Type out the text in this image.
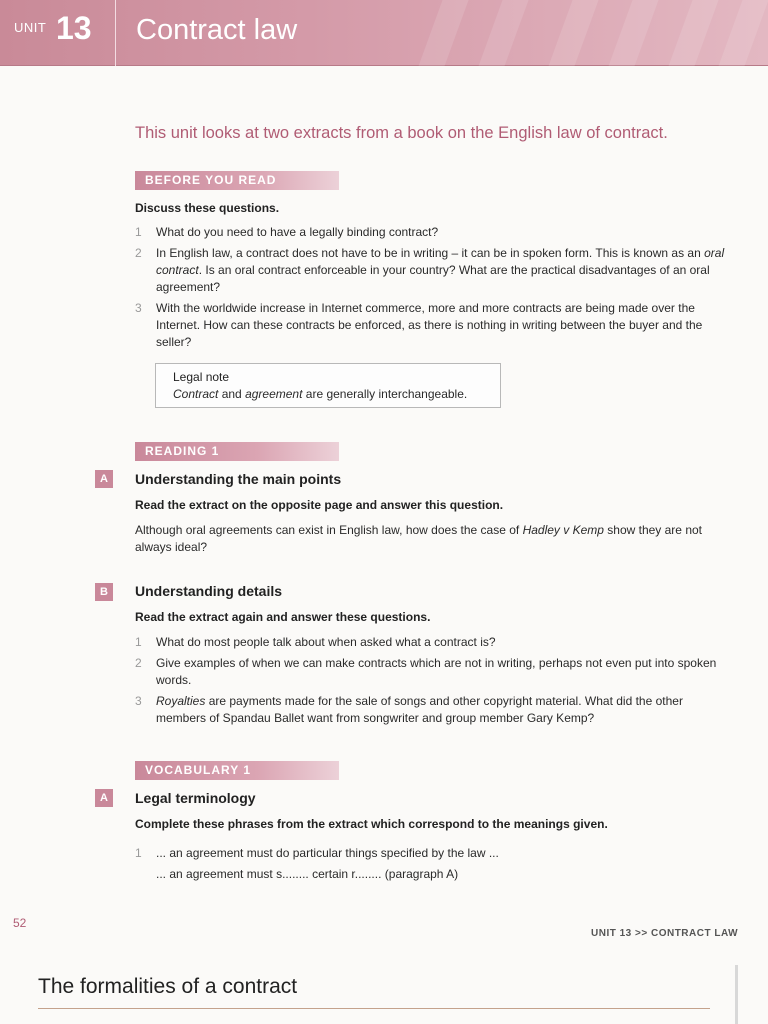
UNIT 13 Contract law
This unit looks at two extracts from a book on the English law of contract.
BEFORE YOU READ
Discuss these questions.
1 What do you need to have a legally binding contract?
2 In English law, a contract does not have to be in writing – it can be in spoken form. This is known as an oral contract. Is an oral contract enforceable in your country? What are the practical disadvantages of an oral agreement?
3 With the worldwide increase in Internet commerce, more and more contracts are being made over the Internet. How can these contracts be enforced, as there is nothing in writing between the buyer and the seller?
Legal note
Contract and agreement are generally interchangeable.
READING 1
A	Understanding the main points
Read the extract on the opposite page and answer this question.
Although oral agreements can exist in English law, how does the case of Hadley v Kemp show they are not always ideal?
B	Understanding details
Read the extract again and answer these questions.
1 What do most people talk about when asked what a contract is?
2 Give examples of when we can make contracts which are not in writing, perhaps not even put into spoken words.
3 Royalties are payments made for the sale of songs and other copyright material. What did the other members of Spandau Ballet want from songwriter and group member Gary Kemp?
VOCABULARY 1
A	Legal terminology
Complete these phrases from the extract which correspond to the meanings given.
1 ... an agreement must do particular things specified by the law ...
... an agreement must s........ certain r........ (paragraph A)
52
UNIT 13 >> CONTRACT LAW
The formalities of a contract
